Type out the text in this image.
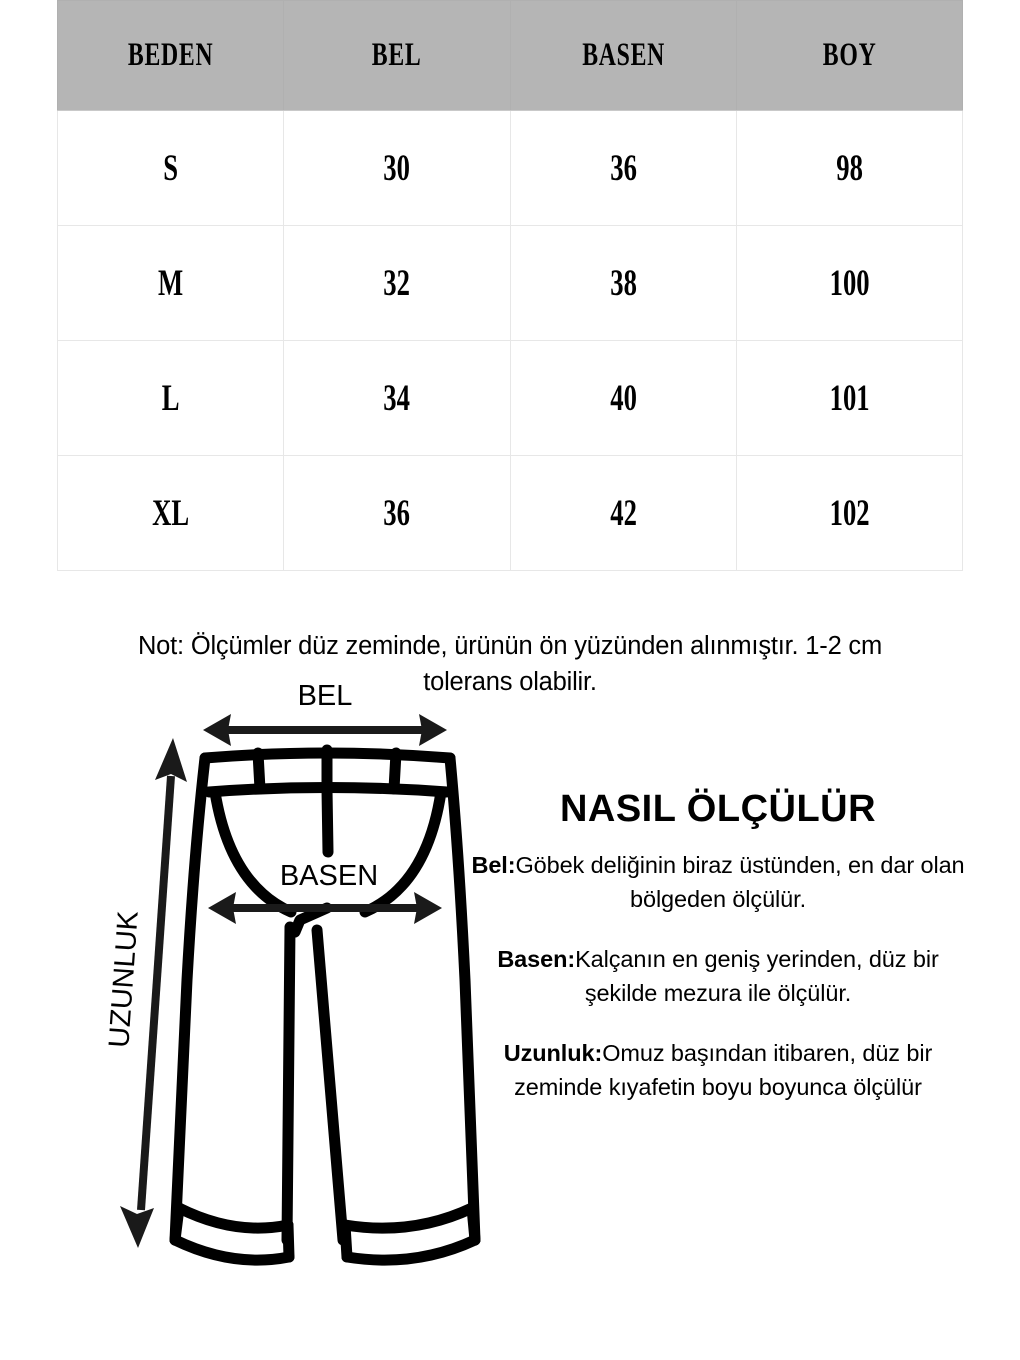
BEDEN	BEL	BASEN	BOY

S	30	36	98

M	32	38	100

L	34	40	101

XL	36	42	102
Not: Ölçümler düz zeminde, ürünün ön yüzünden alınmıştır. 1-2 cm tolerans olabilir.
BEL
BASEN
UZUNLUK
NASIL ÖLÇÜLÜR
Bel:Göbek deliğinin biraz üstünden, en dar olan bölgeden ölçülür.
Basen:Kalçanın en geniş yerinden, düz bir şekilde mezura ile ölçülür.
Uzunluk:Omuz başından itibaren, düz bir zeminde kıyafetin boyu boyunca ölçülür
